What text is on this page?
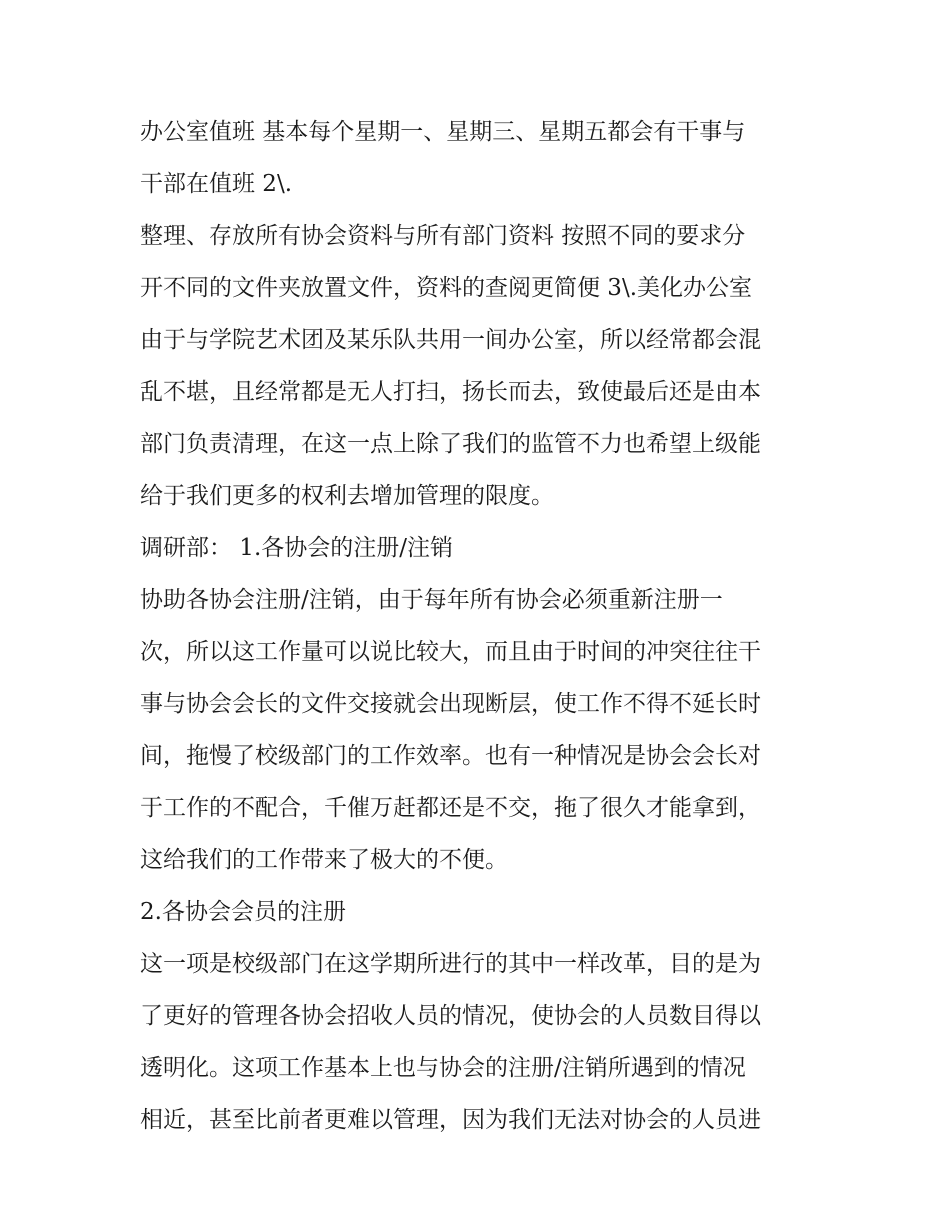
办公室值班 基本每个星期一、星期三、星期五都会有干事与
干部在值班 2\.
整理、存放所有协会资料与所有部门资料 按照不同的要求分
开不同的文件夹放置文件，资料的查阅更简便 3\.美化办公室
由于与学院艺术团及某乐队共用一间办公室，所以经常都会混
乱不堪，且经常都是无人打扫，扬长而去，致使最后还是由本
部门负责清理，在这一点上除了我们的监管不力也希望上级能
给于我们更多的权利去增加管理的限度。
调研部： 1.各协会的注册/注销
协助各协会注册/注销，由于每年所有协会必须重新注册一
次，所以这工作量可以说比较大，而且由于时间的冲突往往干
事与协会会长的文件交接就会出现断层，使工作不得不延长时
间，拖慢了校级部门的工作效率。也有一种情况是协会会长对
于工作的不配合，千催万赶都还是不交，拖了很久才能拿到，
这给我们的工作带来了极大的不便。
2.各协会会员的注册
这一项是校级部门在这学期所进行的其中一样改革，目的是为
了更好的管理各协会招收人员的情况，使协会的人员数目得以
透明化。这项工作基本上也与协会的注册/注销所遇到的情况
相近，甚至比前者更难以管理，因为我们无法对协会的人员进
